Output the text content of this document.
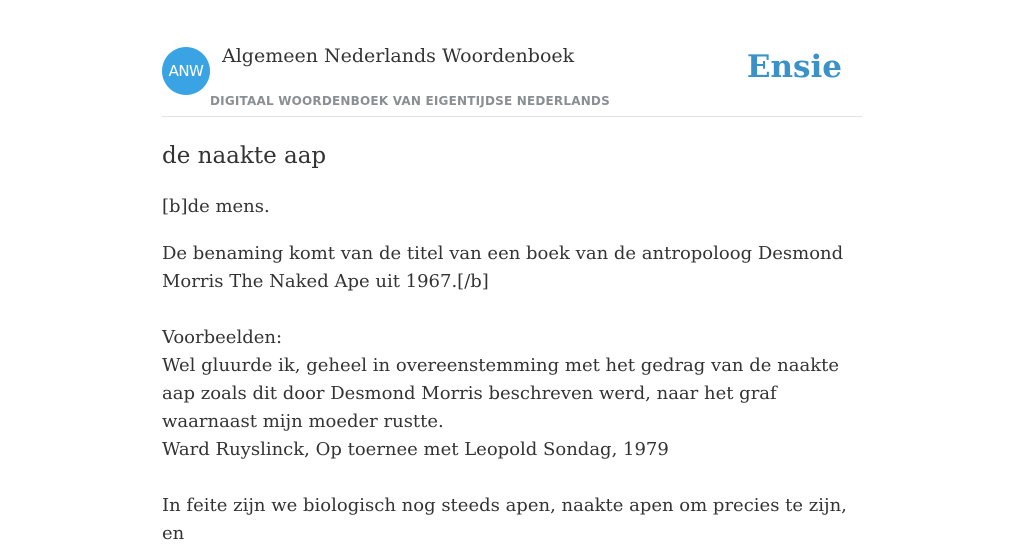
ANW
Algemeen Nederlands Woordenboek
DIGITAAL WOORDENBOEK VAN EIGENTIJDSE NEDERLANDS
Ensie
de naakte aap

[b]de mens.

De benaming komt van de titel van een boek van de antropoloog Desmond Morris The Naked Ape uit 1967.[/b]

Voorbeelden:
Wel gluurde ik, geheel in overeenstemming met het gedrag van de naakte aap zoals dit door Desmond Morris beschreven werd, naar het graf waarnaast mijn moeder rustte.
Ward Ruyslinck, Op toernee met Leopold Sondag, 1979

In feite zijn we biologisch nog steeds apen, naakte apen om precies te zijn, en
